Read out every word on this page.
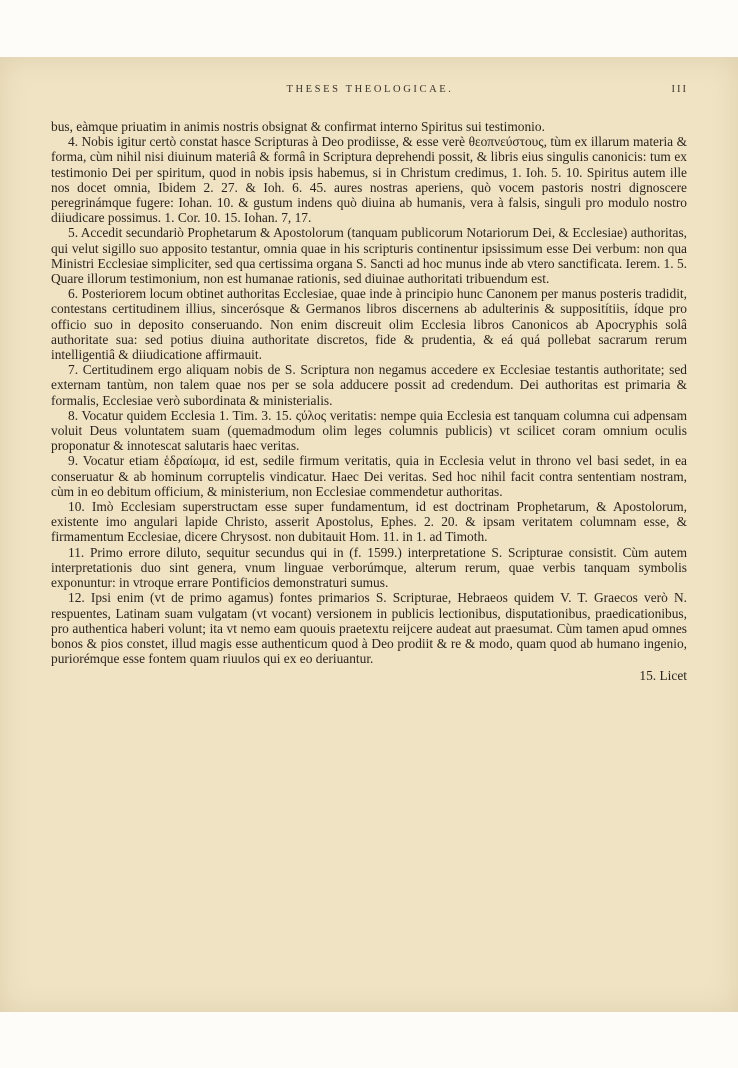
THESES THEOLOGICAE.	III

bus, eàmque priuatim in animis nostris obsignat & confirmat interno Spiritus sui testimonio.

4. Nobis igitur certò constat hasce Scripturas à Deo prodiisse, & esse verè θεοπνεύστους, tùm ex illarum materia & forma, cùm nihil nisi diuinum materiâ & formâ in Scriptura deprehendi possit, & libris eius singulis canonicis: tum ex testimonio Dei per spiritum, quod in nobis ipsis habemus, si in Christum credimus, 1. Ioh. 5. 10. Spiritus autem ille nos docet omnia, Ibidem 2. 27. & Ioh. 6. 45. aures nostras aperiens, quò vocem pastoris nostri dignoscere peregrinámque fugere: Iohan. 10. & gustum indens quò diuina ab humanis, vera à falsis, singuli pro modulo nostro diiudicare possimus. 1. Cor. 10. 15. Iohan. 7, 17.

5. Accedit secundariò Prophetarum & Apostolorum (tanquam publicorum Notariorum Dei, & Ecclesiae) authoritas, qui velut sigillo suo apposito testantur, omnia quae in his scripturis continentur ipsissimum esse Dei verbum: non qua Ministri Ecclesiae simpliciter, sed qua certissima organa S. Sancti ad hoc munus inde ab vtero sanctificata. Ierem. 1. 5. Quare illorum testimonium, non est humanae rationis, sed diuinae authoritati tribuendum est.

6. Posteriorem locum obtinet authoritas Ecclesiae, quae inde à principio hunc Canonem per manus posteris tradidit, contestans certitudinem illius, sincerósque & Germanos libros discernens ab adulterinis & suppositítiis, ídque pro officio suo in deposito conseruando. Non enim discreuit olim Ecclesia libros Canonicos ab Apocryphis solâ authoritate sua: sed potius diuina authoritate discretos, fide & prudentia, & eá quá pollebat sacrarum rerum intelligentiâ & diiudicatione affirmauit.

7. Certitudinem ergo aliquam nobis de S. Scriptura non negamus accedere ex Ecclesiae testantis authoritate; sed externam tantùm, non talem quae nos per se sola adducere possit ad credendum. Dei authoritas est primaria & formalis, Ecclesiae verò subordinata & ministerialis.

8. Vocatur quidem Ecclesia 1. Tim. 3. 15. ςύλος veritatis: nempe quia Ecclesia est tanquam columna cui adpensam voluit Deus voluntatem suam (quemadmodum olim leges columnis publicis) vt scilicet coram omnium oculis proponatur & innotescat salutaris haec veritas.

9. Vocatur etiam ἑδραίωμα, id est, sedile firmum veritatis, quia in Ecclesia velut in throno vel basi sedet, in ea conseruatur & ab hominum corruptelis vindicatur. Haec Dei veritas. Sed hoc nihil facit contra sententiam nostram, cùm in eo debitum officium, & ministerium, non Ecclesiae commendetur authoritas.

10. Imò Ecclesiam superstructam esse super fundamentum, id est doctrinam Prophetarum, & Apostolorum, existente imo angulari lapide Christo, asserit Apostolus, Ephes. 2. 20. & ipsam veritatem columnam esse, & firmamentum Ecclesiae, dicere Chrysost. non dubitauit Hom. 11. in 1. ad Timoth.

11. Primo errore diluto, sequitur secundus qui in (f. 1599.) interpretatione S. Scripturae consistit. Cùm autem interpretationis duo sint genera, vnum linguae verborúmque, alterum rerum, quae verbis tanquam symbolis exponuntur: in vtroque errare Pontificios demonstraturi sumus.

12. Ipsi enim (vt de primo agamus) fontes primarios S. Scripturae, Hebraeos quidem V. T. Graecos verò N. respuentes, Latinam suam vulgatam (vt vocant) versionem in publicis lectionibus, disputationibus, praedicationibus, pro authentica haberi volunt; ita vt nemo eam quouis praetextu reijcere audeat aut praesumat. Cùm tamen apud omnes bonos & pios constet, illud magis esse authenticum quod à Deo prodiit & re & modo, quam quod ab humano ingenio, puriorémque esse fontem quam riuulos qui ex eo deriuantur.

15. Licet
